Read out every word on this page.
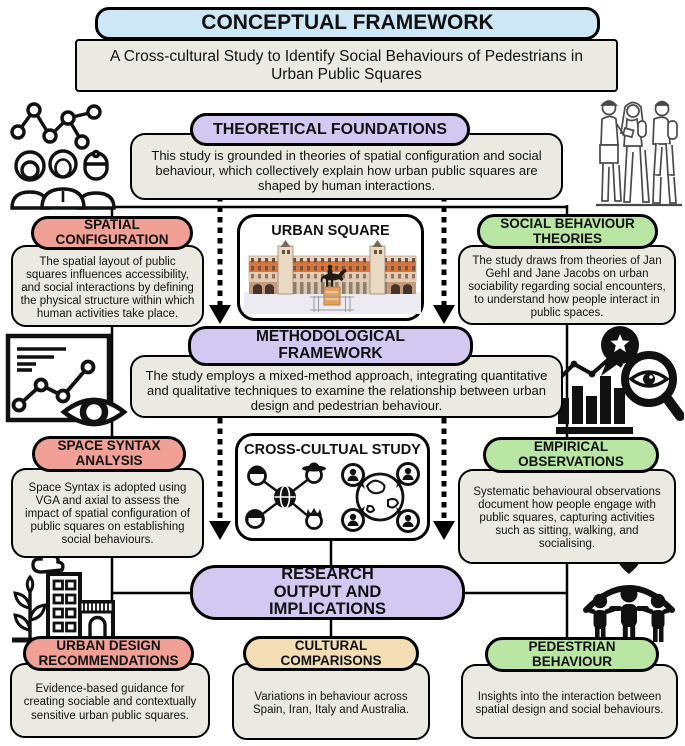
CONCEPTUAL FRAMEWORK
A Cross-cultural Study to Identify Social Behaviours of Pedestrians in Urban Public Squares
THEORETICAL FOUNDATIONS
This study is grounded in theories of spatial configuration and social behaviour, which collectively explain how urban public squares are shaped by human interactions.
SPATIAL CONFIGURATION
The spatial layout of public squares influences accessibility, and social interactions by defining the physical structure within which human activities take place.
URBAN SQUARE	SOCIAL BEHAVIOUR THEORIES
The study draws from theories of Jan Gehl and Jane Jacobs on urban sociability regarding social encounters, to understand how people interact in public spaces.
METHODOLOGICAL FRAMEWORK
The study employs a mixed-method approach, integrating quantitative and qualitative techniques to examine the relationship between urban design and pedestrian behaviour.
SPACE SYNTAX ANALYSIS
Space Syntax is adopted using VGA and axial to assess the impact of spatial configuration of public squares on establishing social behaviours.
CROSS-CULTUAL STUDY	EMPIRICAL OBSERVATIONS
Systematic behavioural observations document how people engage with public squares, capturing activities such as sitting, walking, and socialising.
RESEARCH OUTPUT AND IMPLICATIONS
URBAN DESIGN RECOMMENDATIONS
Evidence-based guidance for creating sociable and contextually sensitive urban public squares.
CULTURAL COMPARISONS
Variations in behaviour across Spain, Iran, Italy and Australia.
PEDESTRIAN BEHAVIOUR
Insights into the interaction between spatial design and social behaviours.
